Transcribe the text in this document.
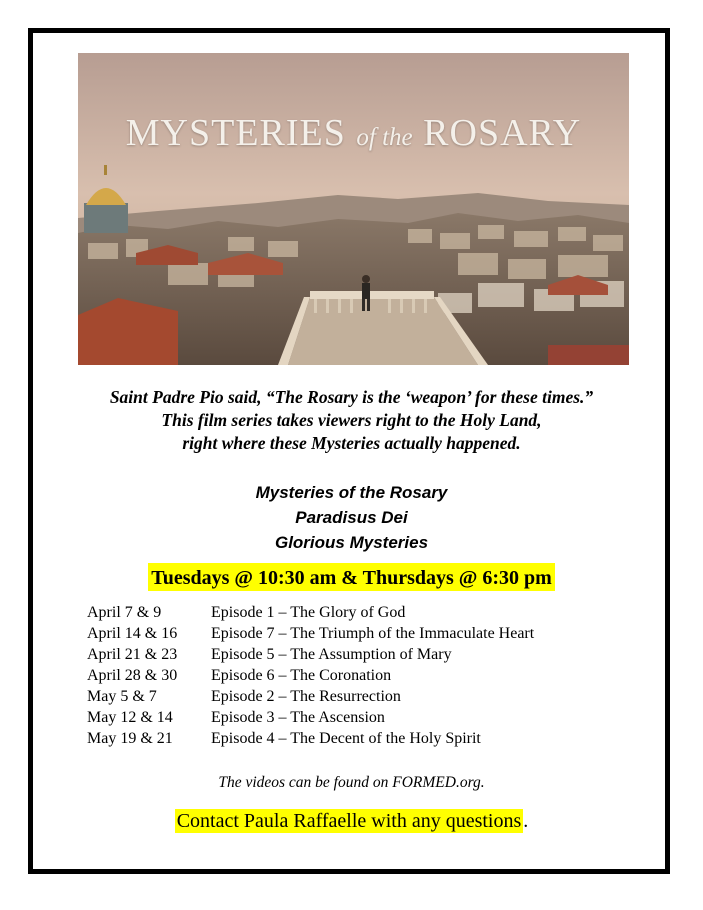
MYSTERIES of the ROSARY
Saint Padre Pio said, “The Rosary is the ‘weapon’ for these times.”
This film series takes viewers right to the Holy Land,
right where these Mysteries actually happened.
Mysteries of the Rosary
Paradisus Dei
Glorious Mysteries
Tuesdays @ 10:30 am & Thursdays @ 6:30 pm
April 7 & 9	Episode 1 – The Glory of God
April 14 & 16	Episode 7 – The Triumph of the Immaculate Heart
April 21 & 23	Episode 5 – The Assumption of Mary
April 28 & 30	Episode 6 – The Coronation
May 5 & 7	Episode 2 – The Resurrection
May 12 & 14	Episode 3 – The Ascension
May 19 & 21	Episode 4 – The Decent of the Holy Spirit
The videos can be found on FORMED.org.
Contact Paula Raffaelle with any questions .
